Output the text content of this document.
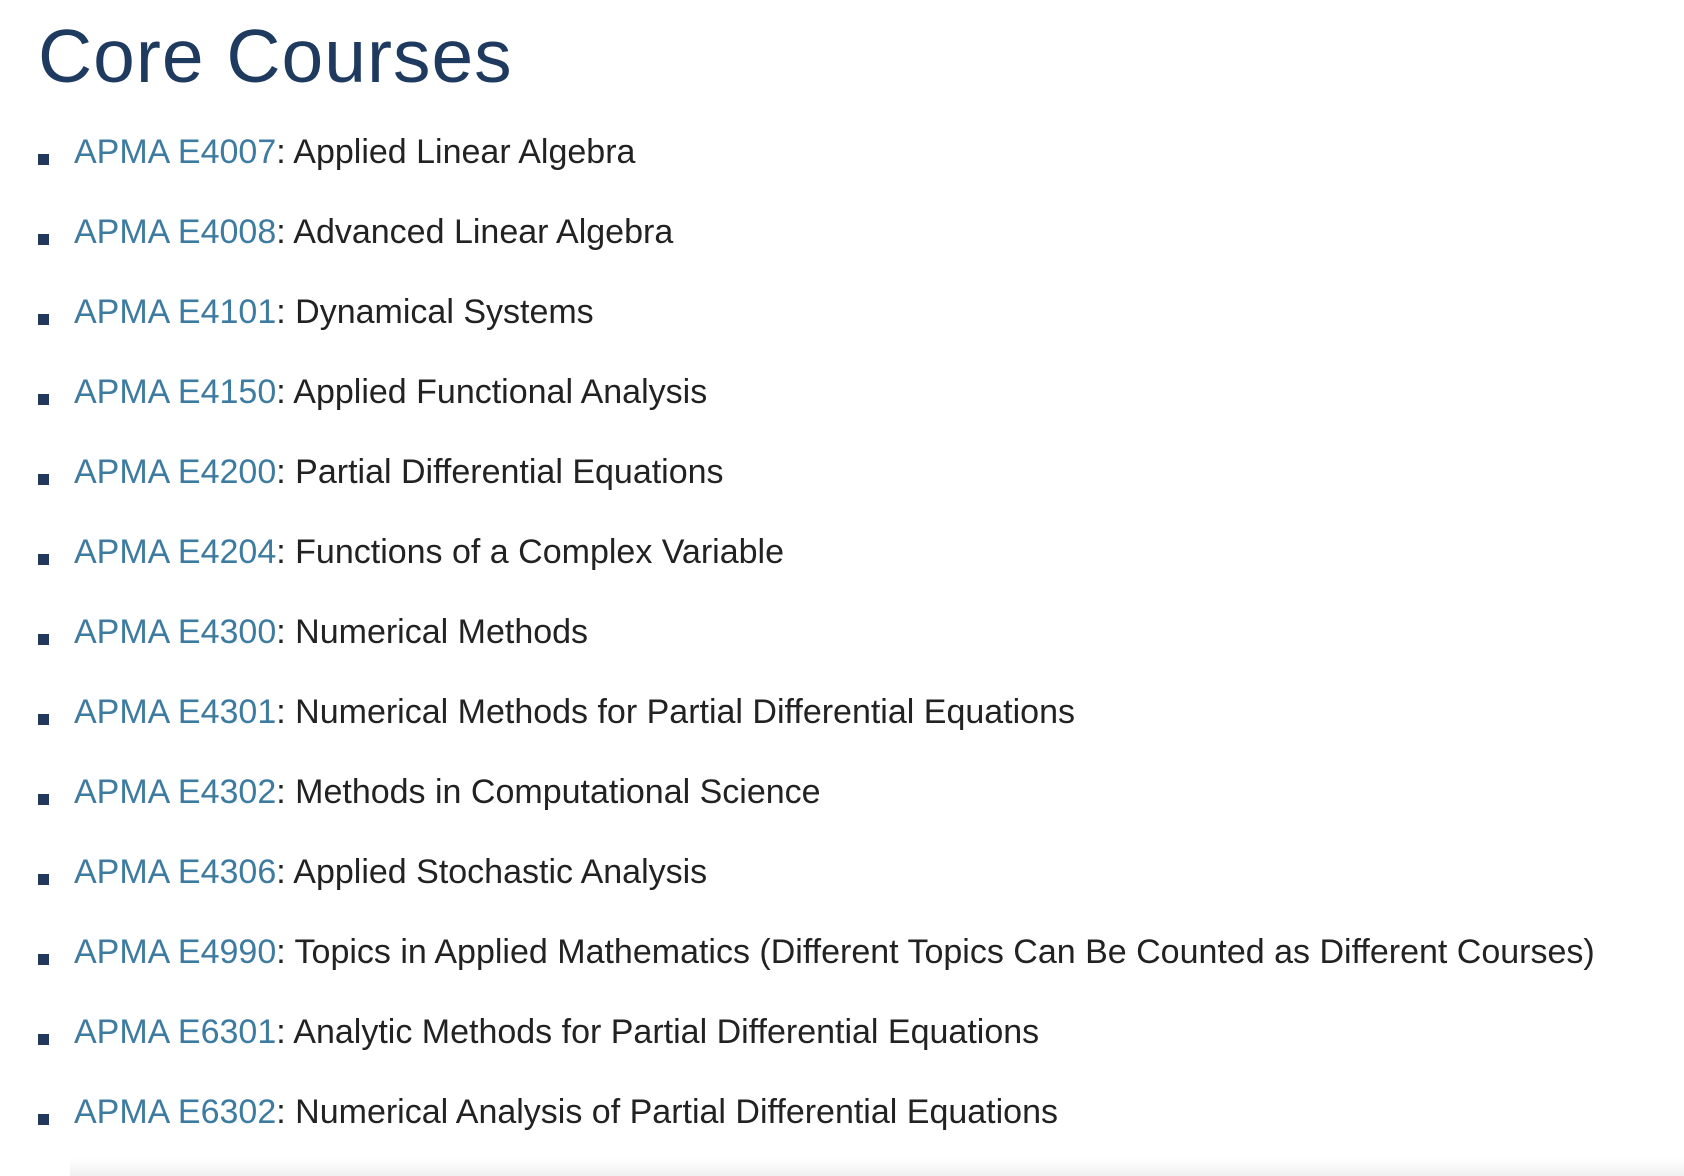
Core Courses
APMA E4007: Applied Linear Algebra
APMA E4008: Advanced Linear Algebra
APMA E4101: Dynamical Systems
APMA E4150: Applied Functional Analysis
APMA E4200: Partial Differential Equations
APMA E4204: Functions of a Complex Variable
APMA E4300: Numerical Methods
APMA E4301: Numerical Methods for Partial Differential Equations
APMA E4302: Methods in Computational Science
APMA E4306: Applied Stochastic Analysis
APMA E4990: Topics in Applied Mathematics (Different Topics Can Be Counted as Different Courses)
APMA E6301: Analytic Methods for Partial Differential Equations
APMA E6302: Numerical Analysis of Partial Differential Equations
